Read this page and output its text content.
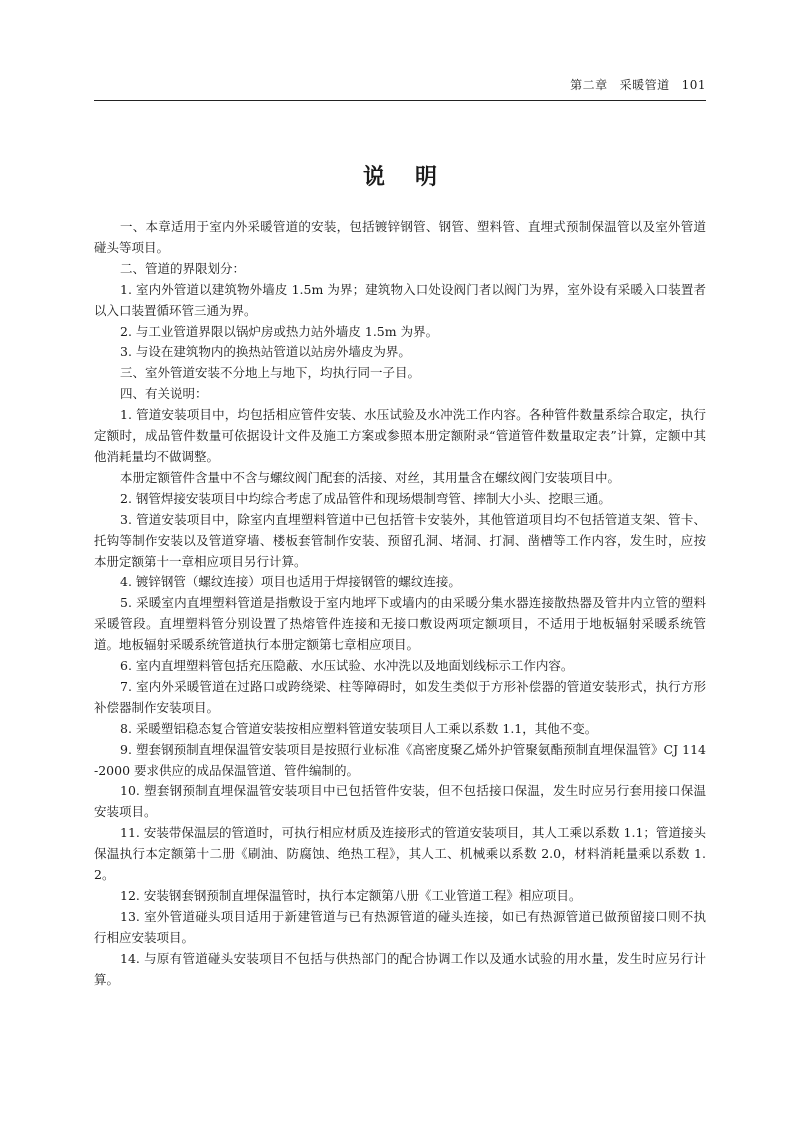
第二章 采暖管道 101
说明

一、本章适用于室内外采暖管道的安装，包括镀锌钢管、钢管、塑料管、直埋式预制保温管以及室外管道碰头等项目。

二、管道的界限划分：

1. 室内外管道以建筑物外墙皮 1.5m 为界；建筑物入口处设阀门者以阀门为界，室外设有采暖入口装置者以入口装置循环管三通为界。

2. 与工业管道界限以锅炉房或热力站外墙皮 1.5m 为界。

3. 与设在建筑物内的换热站管道以站房外墙皮为界。

三、室外管道安装不分地上与地下，均执行同一子目。

四、有关说明：

1. 管道安装项目中，均包括相应管件安装、水压试验及水冲洗工作内容。各种管件数量系综合取定，执行定额时，成品管件数量可依据设计文件及施工方案或参照本册定额附录“管道管件数量取定表”计算，定额中其他消耗量均不做调整。

本册定额管件含量中不含与螺纹阀门配套的活接、对丝，其用量含在螺纹阀门安装项目中。

2. 钢管焊接安装项目中均综合考虑了成品管件和现场煨制弯管、摔制大小头、挖眼三通。

3. 管道安装项目中，除室内直埋塑料管道中已包括管卡安装外，其他管道项目均不包括管道支架、管卡、托钩等制作安装以及管道穿墙、楼板套管制作安装、预留孔洞、堵洞、打洞、凿槽等工作内容，发生时，应按本册定额第十一章相应项目另行计算。

4. 镀锌钢管（螺纹连接）项目也适用于焊接钢管的螺纹连接。

5. 采暖室内直埋塑料管道是指敷设于室内地坪下或墙内的由采暖分集水器连接散热器及管井内立管的塑料采暖管段。直埋塑料管分别设置了热熔管件连接和无接口敷设两项定额项目，不适用于地板辐射采暖系统管道。地板辐射采暖系统管道执行本册定额第七章相应项目。

6. 室内直埋塑料管包括充压隐蔽、水压试验、水冲洗以及地面划线标示工作内容。

7. 室内外采暖管道在过路口或跨绕梁、柱等障碍时，如发生类似于方形补偿器的管道安装形式，执行方形补偿器制作安装项目。

8. 采暖塑铝稳态复合管道安装按相应塑料管道安装项目人工乘以系数 1.1，其他不变。

9. 塑套钢预制直埋保温管安装项目是按照行业标准《高密度聚乙烯外护管聚氨酯预制直埋保温管》CJ 114-2000 要求供应的成品保温管道、管件编制的。

10. 塑套钢预制直埋保温管安装项目中已包括管件安装，但不包括接口保温，发生时应另行套用接口保温安装项目。

11. 安装带保温层的管道时，可执行相应材质及连接形式的管道安装项目，其人工乘以系数 1.1；管道接头保温执行本定额第十二册《刷油、防腐蚀、绝热工程》，其人工、机械乘以系数 2.0，材料消耗量乘以系数 1.2。

12. 安装钢套钢预制直埋保温管时，执行本定额第八册《工业管道工程》相应项目。

13. 室外管道碰头项目适用于新建管道与已有热源管道的碰头连接，如已有热源管道已做预留接口则不执行相应安装项目。

14. 与原有管道碰头安装项目不包括与供热部门的配合协调工作以及通水试验的用水量，发生时应另行计算。
